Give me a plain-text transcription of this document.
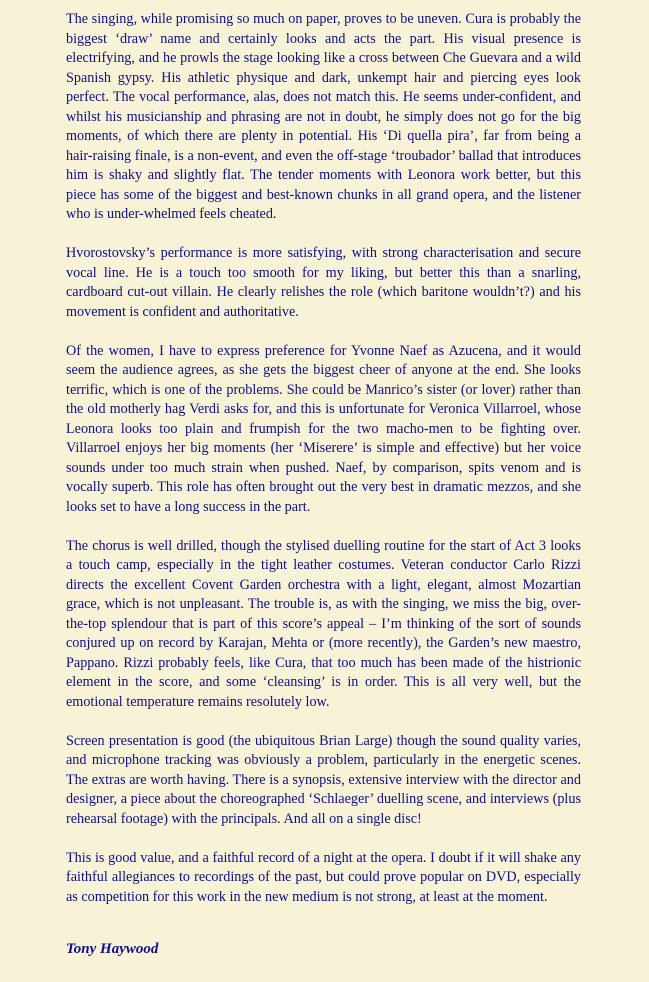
The singing, while promising so much on paper, proves to be uneven. Cura is probably the biggest ‘draw’ name and certainly looks and acts the part. His visual presence is electrifying, and he prowls the stage looking like a cross between Che Guevara and a wild Spanish gypsy. His athletic physique and dark, unkempt hair and piercing eyes look perfect. The vocal performance, alas, does not match this. He seems under-confident, and whilst his musicianship and phrasing are not in doubt, he simply does not go for the big moments, of which there are plenty in potential. His ‘Di quella pira’, far from being a hair-raising finale, is a non-event, and even the off-stage ‘troubador’ ballad that introduces him is shaky and slightly flat. The tender moments with Leonora work better, but this piece has some of the biggest and best-known chunks in all grand opera, and the listener who is under-whelmed feels cheated.

Hvorostovsky’s performance is more satisfying, with strong characterisation and secure vocal line. He is a touch too smooth for my liking, but better this than a snarling, cardboard cut-out villain. He clearly relishes the role (which baritone wouldn’t?) and his movement is confident and authoritative.

Of the women, I have to express preference for Yvonne Naef as Azucena, and it would seem the audience agrees, as she gets the biggest cheer of anyone at the end. She looks terrific, which is one of the problems. She could be Manrico’s sister (or lover) rather than the old motherly hag Verdi asks for, and this is unfortunate for Veronica Villarroel, whose Leonora looks too plain and frumpish for the two macho-men to be fighting over. Villarroel enjoys her big moments (her ‘Miserere’ is simple and effective) but her voice sounds under too much strain when pushed. Naef, by comparison, spits venom and is vocally superb. This role has often brought out the very best in dramatic mezzos, and she looks set to have a long success in the part.

The chorus is well drilled, though the stylised duelling routine for the start of Act 3 looks a touch camp, especially in the tight leather costumes. Veteran conductor Carlo Rizzi directs the excellent Covent Garden orchestra with a light, elegant, almost Mozartian grace, which is not unpleasant. The trouble is, as with the singing, we miss the big, over-the-top splendour that is part of this score’s appeal – I’m thinking of the sort of sounds conjured up on record by Karajan, Mehta or (more recently), the Garden’s new maestro, Pappano. Rizzi probably feels, like Cura, that too much has been made of the histrionic element in the score, and some ‘cleansing’ is in order. This is all very well, but the emotional temperature remains resolutely low.

Screen presentation is good (the ubiquitous Brian Large) though the sound quality varies, and microphone tracking was obviously a problem, particularly in the energetic scenes. The extras are worth having. There is a synopsis, extensive interview with the director and designer, a piece about the choreographed ‘Schlaeger’ duelling scene, and interviews (plus rehearsal footage) with the principals. And all on a single disc!

This is good value, and a faithful record of a night at the opera. I doubt if it will shake any faithful allegiances to recordings of the past, but could prove popular on DVD, especially as competition for this work in the new medium is not strong, at least at the moment.

Tony Haywood
